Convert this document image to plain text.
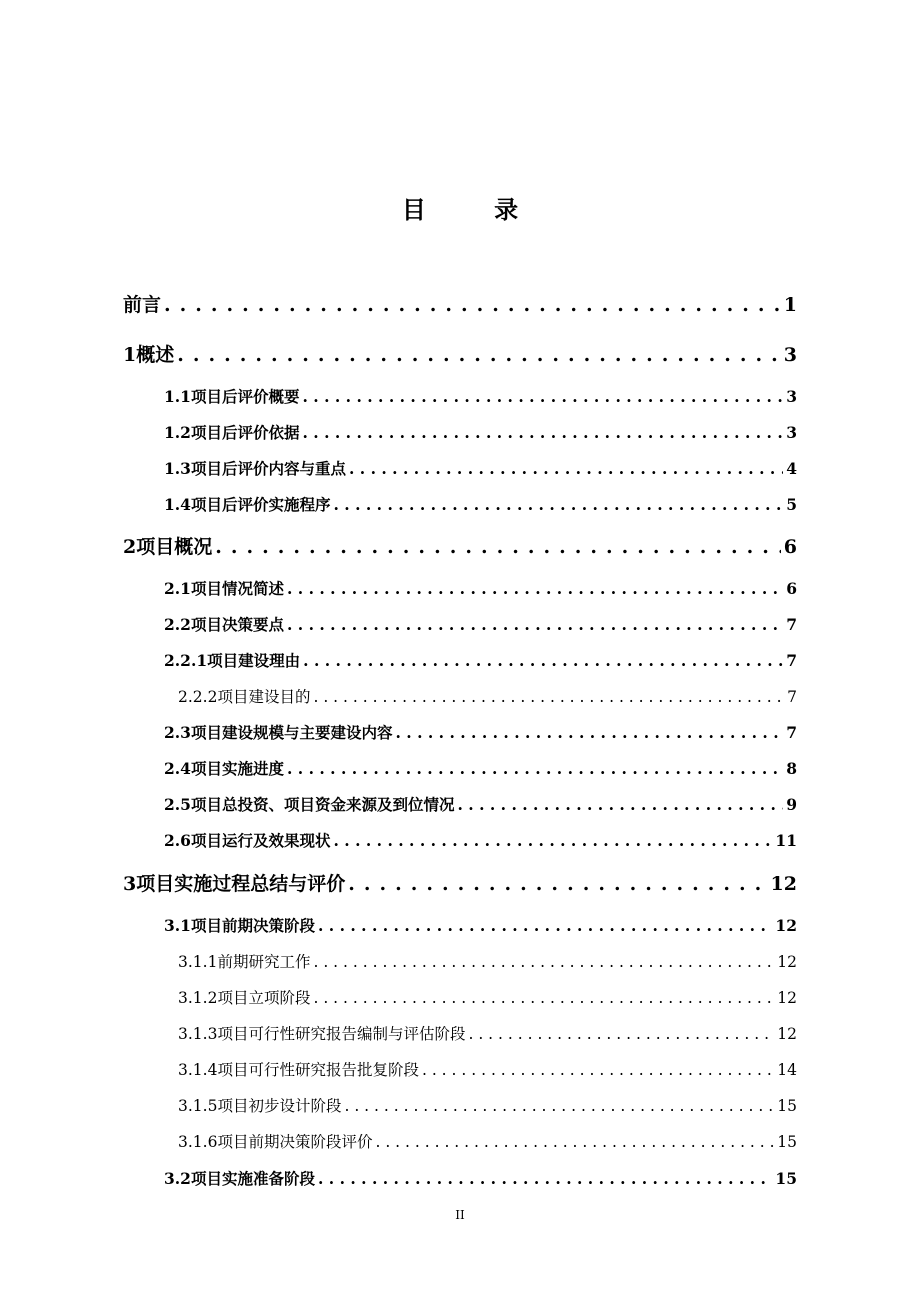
目 录
前言 . . .	1
1 概述 . . .	3
1.1 项目后评价概要 . . .	3
1.2 项目后评价依据 . . .	3
1.3 项目后评价内容与重点 . . .	4
1.4 项目后评价实施程序 . . .	5
2 项目概况 . . .	6
2.1 项目情况简述 . . .	6
2.2 项目决策要点 . . .	7
2.2.1 项目建设理由 . . .	7
2.2.2 项目建设目的 . . .	7
2.3 项目建设规模与主要建设内容 . . .	7
2.4 项目实施进度 . . .	8
2.5 项目总投资、项目资金来源及到位情况 . . .	9
2.6 项目运行及效果现状 . . .	11
3 项目实施过程总结与评价 . . .	12
3.1 项目前期决策阶段 . . .	12
3.1.1 前期研究工作 . . .	12
3.1.2 项目立项阶段 . . .	12
3.1.3 项目可行性研究报告编制与评估阶段 . . .	12
3.1.4 项目可行性研究报告批复阶段 . . .	14
3.1.5 项目初步设计阶段 . . .	15
3.1.6 项目前期决策阶段评价 . . .	15
3.2 项目实施准备阶段 . . .	15
II
